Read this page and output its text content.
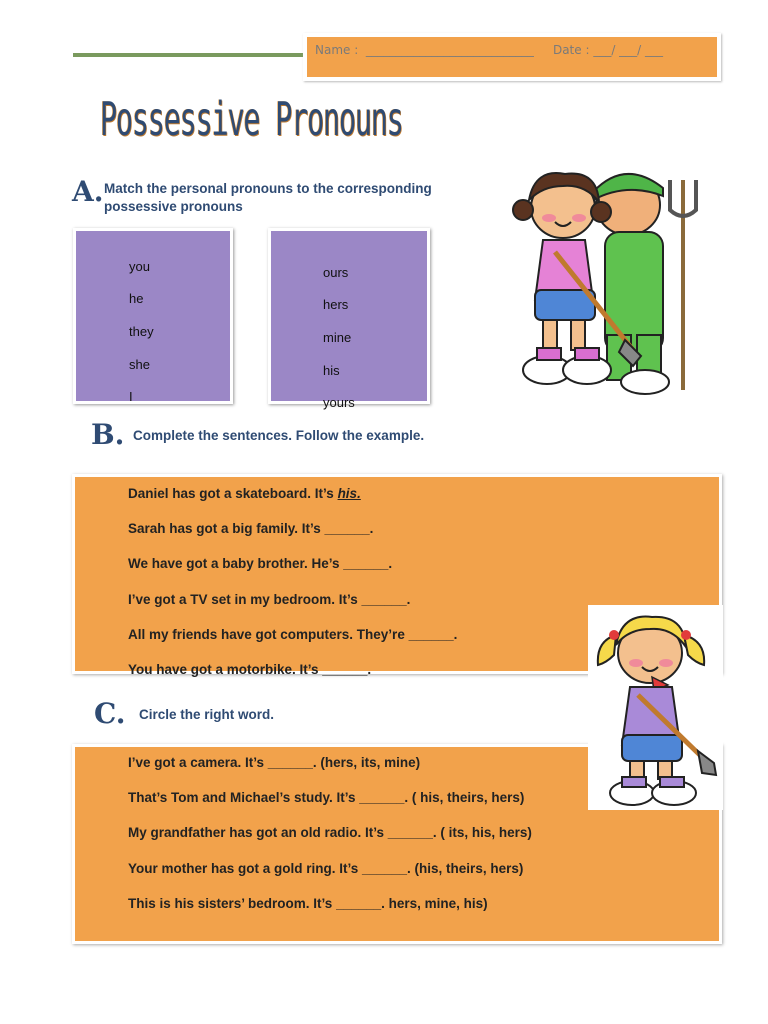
Name :  ____________________________     Date : ___/ ___/ ___
Possessive Pronouns
A. Match the personal pronouns to the corresponding
possessive pronouns
you
he
they
she
I
ours
hers
mine
his
yours
B. Complete the sentences. Follow the example.
Daniel has got a skateboard. It’s his.
Sarah has got a big family. It’s ______.
We have got a baby brother. He’s ______.
I’ve got a TV set in my bedroom. It’s ______.
All my friends have got computers. They’re ______.
You have got a motorbike. It’s ______.
C. Circle the right word.
I’ve got a camera. It’s ______. (hers, its, mine)
That’s Tom and Michael’s study. It’s ______. ( his, theirs, hers)
My grandfather has got an old radio. It’s ______. ( its, his, hers)
Your mother has got a gold ring. It’s ______. (his, theirs, hers)
This is his sisters’ bedroom. It’s ______. hers, mine, his)
